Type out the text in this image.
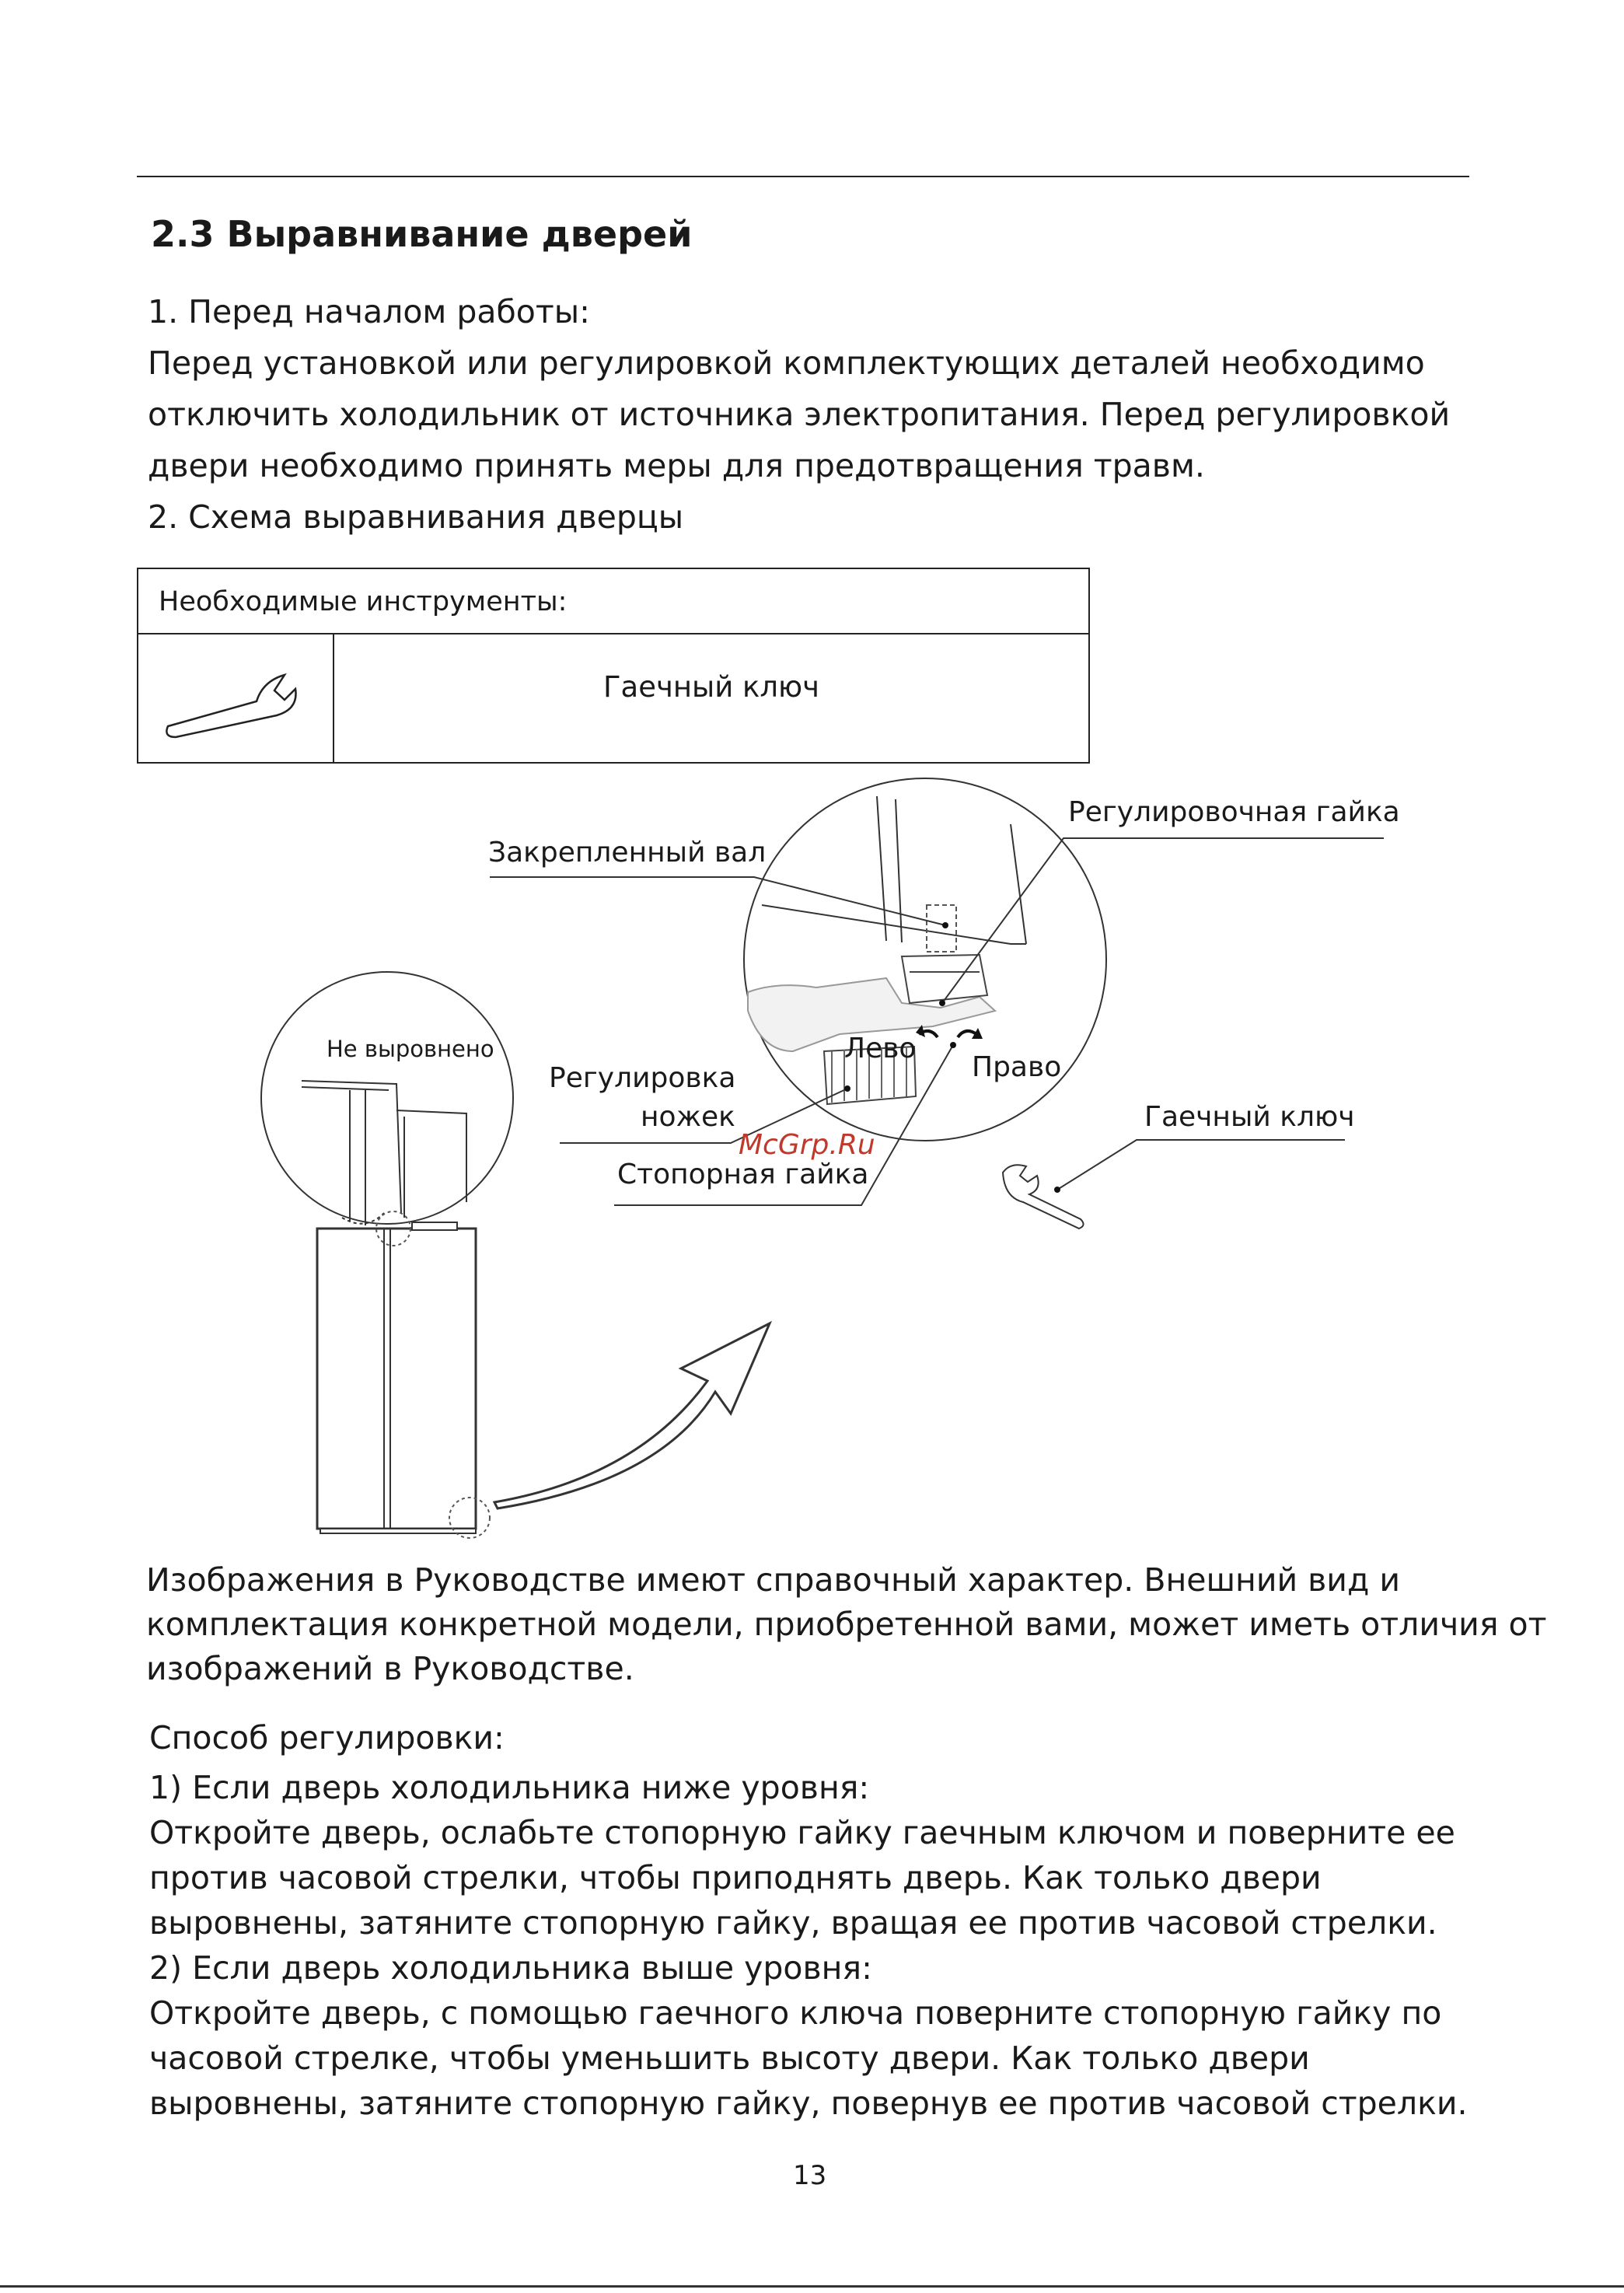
2.3 Выравнивание дверей

1. Перед началом работы:

Перед установкой или регулировкой комплектующих деталей необходимо

отключить холодильник от источника электропитания. Перед регулировкой

двери необходимо принять меры для предотвращения травм.

2. Схема выравнивания дверцы

Необходимые инструменты:
Гаечный ключ
Регулировочная гайка
Закрепленный вал
Не выровнено	Лево
Право
Регулировка
ножек	Гаечный ключ
McGrp.Ru
Стопорная гайка
Изображения в Руководстве имеют справочный характер. Внешний вид и
комплектация конкретной модели, приобретенной вами, может иметь отличия от
изображений в Руководстве.
Способ регулировки:
1) Если дверь холодильника ниже уровня:
Откройте дверь, ослабьте стопорную гайку гаечным ключом и поверните ее
против часовой стрелки, чтобы приподнять дверь. Как только двери
выровнены, затяните стопорную гайку, вращая ее против часовой стрелки.
2) Если дверь холодильника выше уровня:
Откройте дверь, с помощью гаечного ключа поверните стопорную гайку по
часовой стрелке, чтобы уменьшить высоту двери. Как только двери
выровнены, затяните стопорную гайку, повернув ее против часовой стрелки.
13
